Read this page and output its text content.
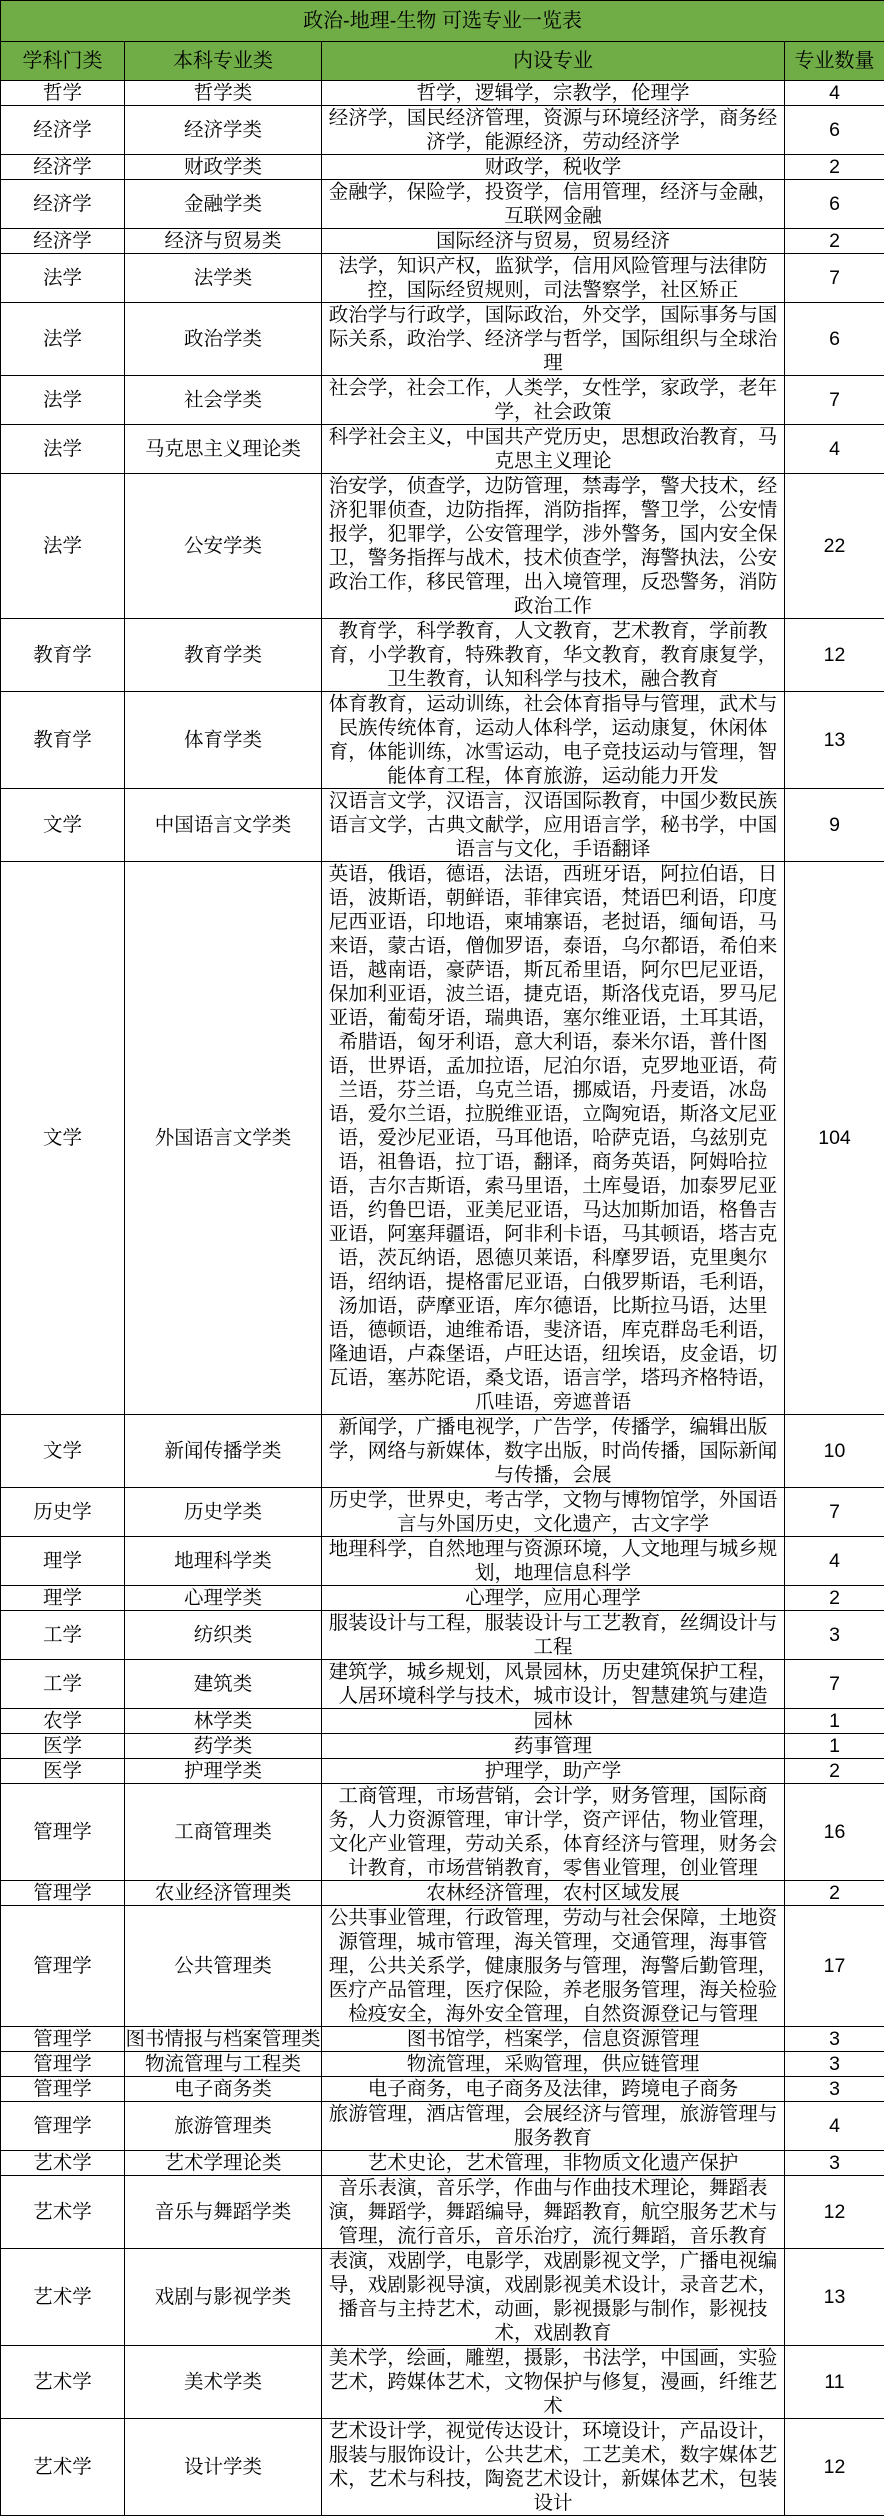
政治-地理-生物 可选专业一览表			
学科门类	本科专业类	内设专业	专业数量
哲学	哲学类	哲学，逻辑学，宗教学，伦理学	4
经济学	经济学类	经济学，国民经济管理，资源与环境经济学，商务经济学，能源经济，劳动经济学	6
经济学	财政学类	财政学，税收学	2
经济学	金融学类	金融学，保险学，投资学，信用管理，经济与金融，互联网金融	6
经济学	经济与贸易类	国际经济与贸易，贸易经济	2
法学	法学类	法学，知识产权，监狱学，信用风险管理与法律防控，国际经贸规则，司法警察学，社区矫正	7
法学	政治学类	政治学与行政学，国际政治，外交学，国际事务与国际关系，政治学、经济学与哲学，国际组织与全球治理	6
法学	社会学类	社会学，社会工作，人类学，女性学，家政学，老年学，社会政策	7
法学	马克思主义理论类	科学社会主义，中国共产党历史，思想政治教育，马克思主义理论	4
法学	公安学类	治安学，侦查学，边防管理，禁毒学，警犬技术，经济犯罪侦查，边防指挥，消防指挥，警卫学，公安情报学，犯罪学，公安管理学，涉外警务，国内安全保卫，警务指挥与战术，技术侦查学，海警执法，公安政治工作，移民管理，出入境管理，反恐警务，消防政治工作	22
教育学	教育学类	教育学，科学教育，人文教育，艺术教育，学前教育，小学教育，特殊教育，华文教育，教育康复学，卫生教育，认知科学与技术，融合教育	12
教育学	体育学类	体育教育，运动训练，社会体育指导与管理，武术与民族传统体育，运动人体科学，运动康复，休闲体育，体能训练，冰雪运动，电子竞技运动与管理，智能体育工程，体育旅游，运动能力开发	13
文学	中国语言文学类	汉语言文学，汉语言，汉语国际教育，中国少数民族语言文学，古典文献学，应用语言学，秘书学，中国语言与文化，手语翻译	9
文学	外国语言文学类	英语，俄语，德语，法语，西班牙语，阿拉伯语，日语，波斯语，朝鲜语，菲律宾语，梵语巴利语，印度尼西亚语，印地语，柬埔寨语，老挝语，缅甸语，马来语，蒙古语，僧伽罗语，泰语，乌尔都语，希伯来语，越南语，豪萨语，斯瓦希里语，阿尔巴尼亚语，保加利亚语，波兰语，捷克语，斯洛伐克语，罗马尼亚语，葡萄牙语，瑞典语，塞尔维亚语，土耳其语，希腊语，匈牙利语，意大利语，泰米尔语，普什图语，世界语，孟加拉语，尼泊尔语，克罗地亚语，荷兰语，芬兰语，乌克兰语，挪威语，丹麦语，冰岛语，爱尔兰语，拉脱维亚语，立陶宛语，斯洛文尼亚语，爱沙尼亚语，马耳他语，哈萨克语，乌兹别克语，祖鲁语，拉丁语，翻译，商务英语，阿姆哈拉语，吉尔吉斯语，索马里语，土库曼语，加泰罗尼亚语，约鲁巴语，亚美尼亚语，马达加斯加语，格鲁吉亚语，阿塞拜疆语，阿非利卡语，马其顿语，塔吉克语，茨瓦纳语，恩德贝莱语，科摩罗语，克里奥尔语，绍纳语，提格雷尼亚语，白俄罗斯语，毛利语，汤加语，萨摩亚语，库尔德语，比斯拉马语，达里语，德顿语，迪维希语，斐济语，库克群岛毛利语，隆迪语，卢森堡语，卢旺达语，纽埃语，皮金语，切瓦语，塞苏陀语，桑戈语，语言学，塔玛齐格特语，爪哇语，旁遮普语	104
文学	新闻传播学类	新闻学，广播电视学，广告学，传播学，编辑出版学，网络与新媒体，数字出版，时尚传播，国际新闻与传播，会展	10
历史学	历史学类	历史学，世界史，考古学，文物与博物馆学，外国语言与外国历史，文化遗产，古文字学	7
理学	地理科学类	地理科学，自然地理与资源环境，人文地理与城乡规划，地理信息科学	4
理学	心理学类	心理学，应用心理学	2
工学	纺织类	服装设计与工程，服装设计与工艺教育，丝绸设计与工程	3
工学	建筑类	建筑学，城乡规划，风景园林，历史建筑保护工程，人居环境科学与技术，城市设计，智慧建筑与建造	7
农学	林学类	园林	1
医学	药学类	药事管理	1
医学	护理学类	护理学，助产学	2
管理学	工商管理类	工商管理，市场营销，会计学，财务管理，国际商务，人力资源管理，审计学，资产评估，物业管理，文化产业管理，劳动关系，体育经济与管理，财务会计教育，市场营销教育，零售业管理，创业管理	16
管理学	农业经济管理类	农林经济管理，农村区域发展	2
管理学	公共管理类	公共事业管理，行政管理，劳动与社会保障，土地资源管理，城市管理，海关管理，交通管理，海事管理，公共关系学，健康服务与管理，海警后勤管理，医疗产品管理，医疗保险，养老服务管理，海关检验检疫安全，海外安全管理，自然资源登记与管理	17
管理学	图书情报与档案管理类	图书馆学，档案学，信息资源管理	3
管理学	物流管理与工程类	物流管理，采购管理，供应链管理	3
管理学	电子商务类	电子商务，电子商务及法律，跨境电子商务	3
管理学	旅游管理类	旅游管理，酒店管理，会展经济与管理，旅游管理与服务教育	4
艺术学	艺术学理论类	艺术史论，艺术管理，非物质文化遗产保护	3
艺术学	音乐与舞蹈学类	音乐表演，音乐学，作曲与作曲技术理论，舞蹈表演，舞蹈学，舞蹈编导，舞蹈教育，航空服务艺术与管理，流行音乐，音乐治疗，流行舞蹈，音乐教育	12
艺术学	戏剧与影视学类	表演，戏剧学，电影学，戏剧影视文学，广播电视编导，戏剧影视导演，戏剧影视美术设计，录音艺术，播音与主持艺术，动画，影视摄影与制作，影视技术，戏剧教育	13
艺术学	美术学类	美术学，绘画，雕塑，摄影，书法学，中国画，实验艺术，跨媒体艺术，文物保护与修复，漫画，纤维艺术	11
艺术学	设计学类	艺术设计学，视觉传达设计，环境设计，产品设计，服装与服饰设计，公共艺术，工艺美术，数字媒体艺术，艺术与科技，陶瓷艺术设计，新媒体艺术，包装设计	12
